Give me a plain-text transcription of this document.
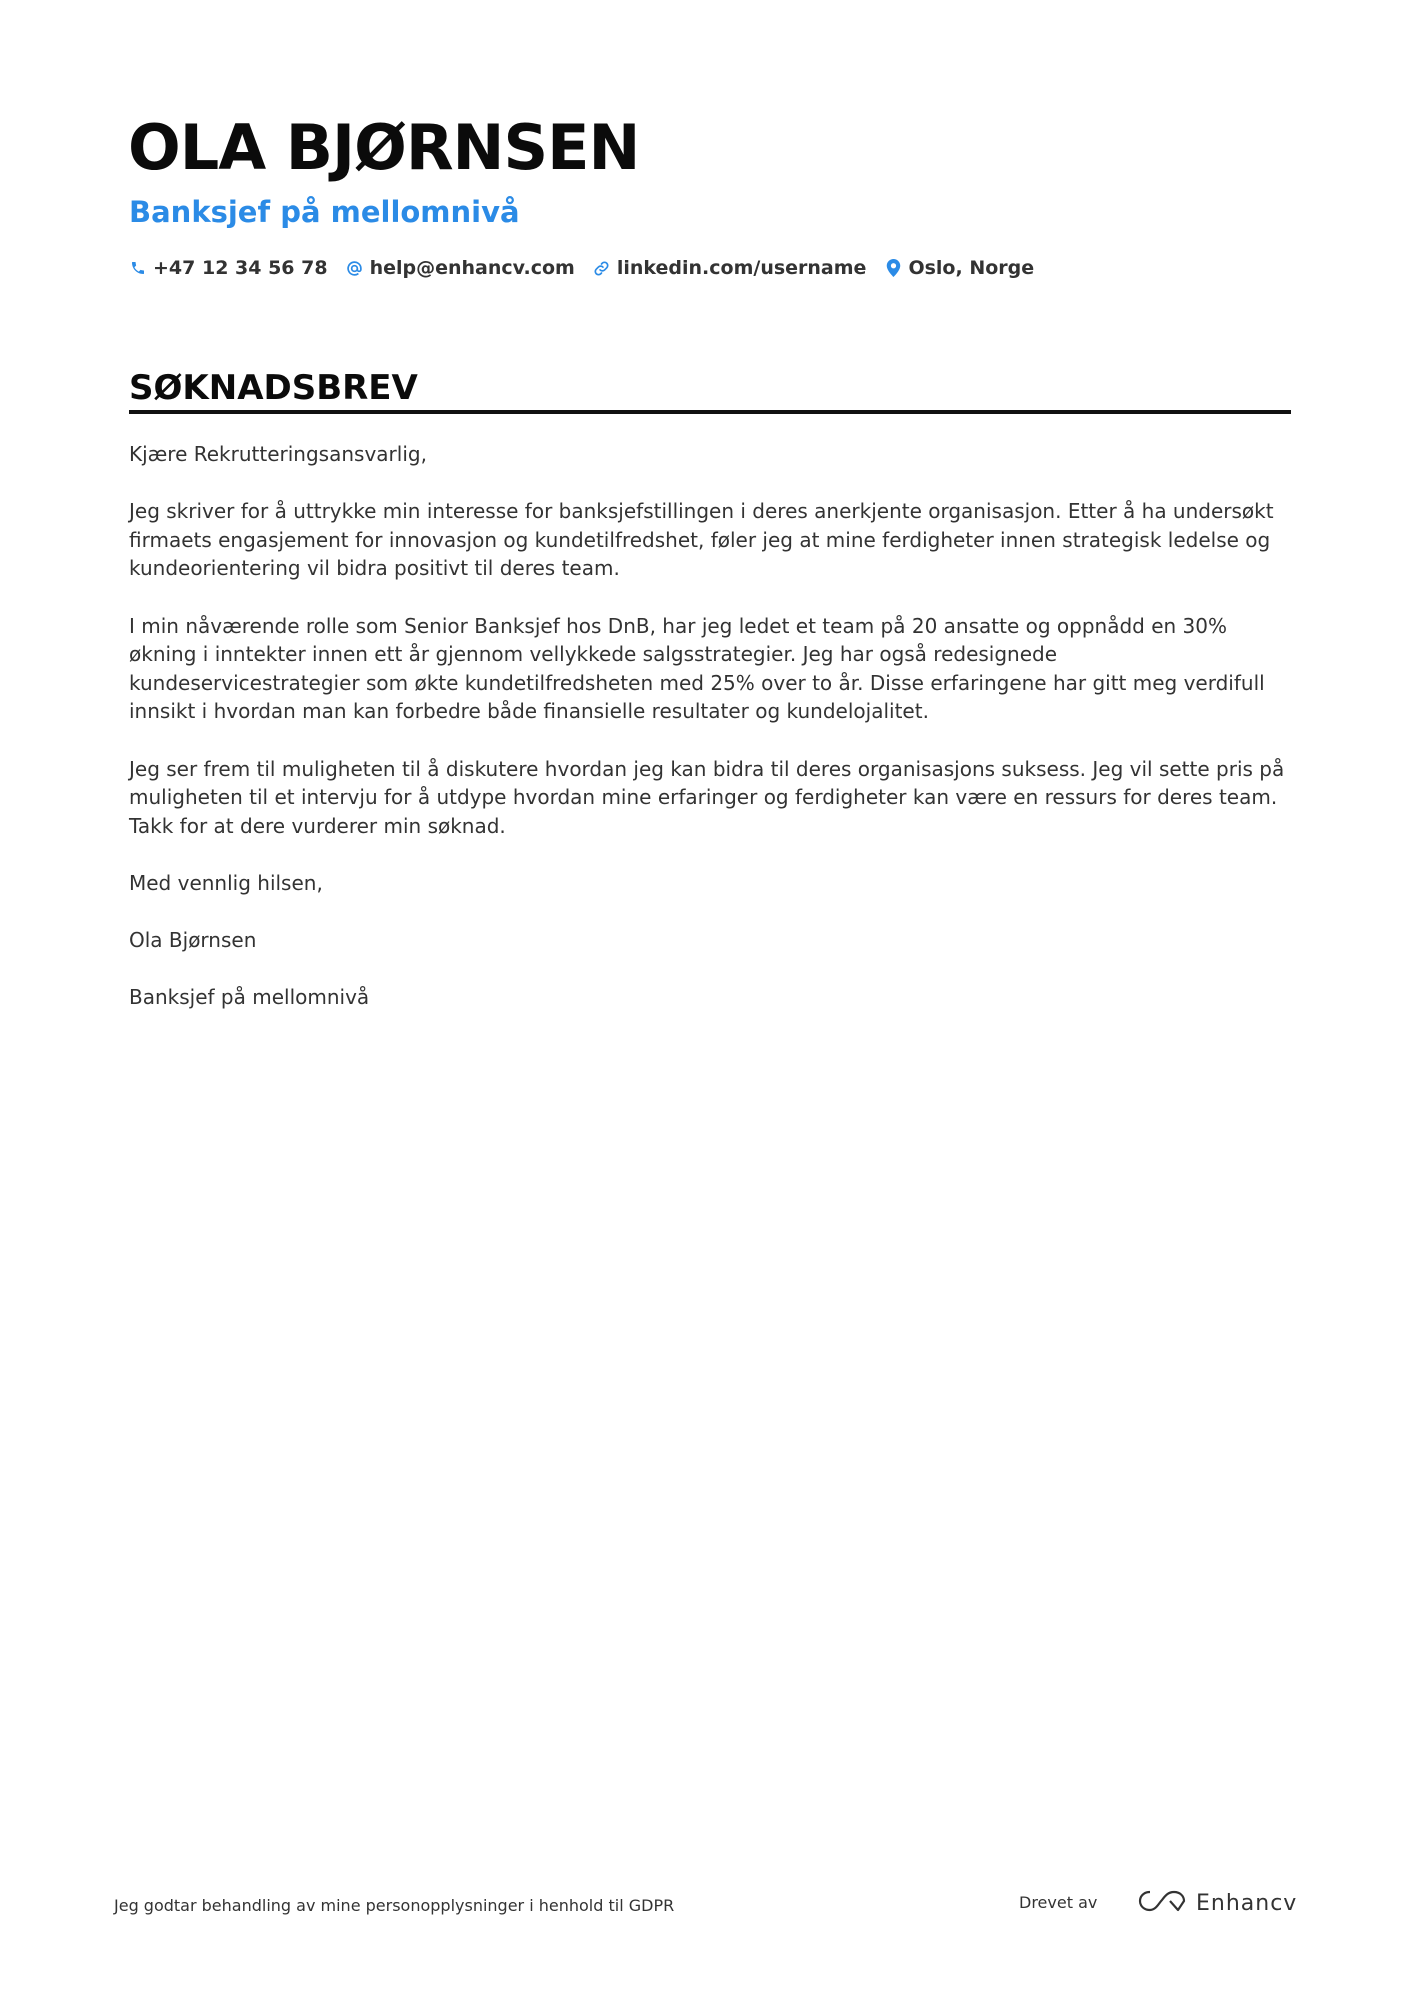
OLA BJØRNSEN
Banksjef på mellomnivå
+47 12 34 56 78 help@enhancv.com linkedin.com/username Oslo, Norge
SØKNADSBREV

Kjære Rekrutteringsansvarlig,

Jeg skriver for å uttrykke min interesse for banksjefstillingen i deres anerkjente organisasjon. Etter å ha undersøkt firmaets engasjement for innovasjon og kundetilfredshet, føler jeg at mine ferdigheter innen strategisk ledelse og kundeorientering vil bidra positivt til deres team.

I min nåværende rolle som Senior Banksjef hos DnB, har jeg ledet et team på 20 ansatte og oppnådd en 30% økning i inntekter innen ett år gjennom vellykkede salgsstrategier. Jeg har også redesignede kundeservicestrategier som økte kundetilfredsheten med 25% over to år. Disse erfaringene har gitt meg verdifull innsikt i hvordan man kan forbedre både finansielle resultater og kundelojalitet.

Jeg ser frem til muligheten til å diskutere hvordan jeg kan bidra til deres organisasjons suksess. Jeg vil sette pris på muligheten til et intervju for å utdype hvordan mine erfaringer og ferdigheter kan være en ressurs for deres team. Takk for at dere vurderer min søknad.

Med vennlig hilsen,

Ola Bjørnsen

Banksjef på mellomnivå

Jeg godtar behandling av mine personopplysninger i henhold til GDPR	Drevet av	Enhancv
